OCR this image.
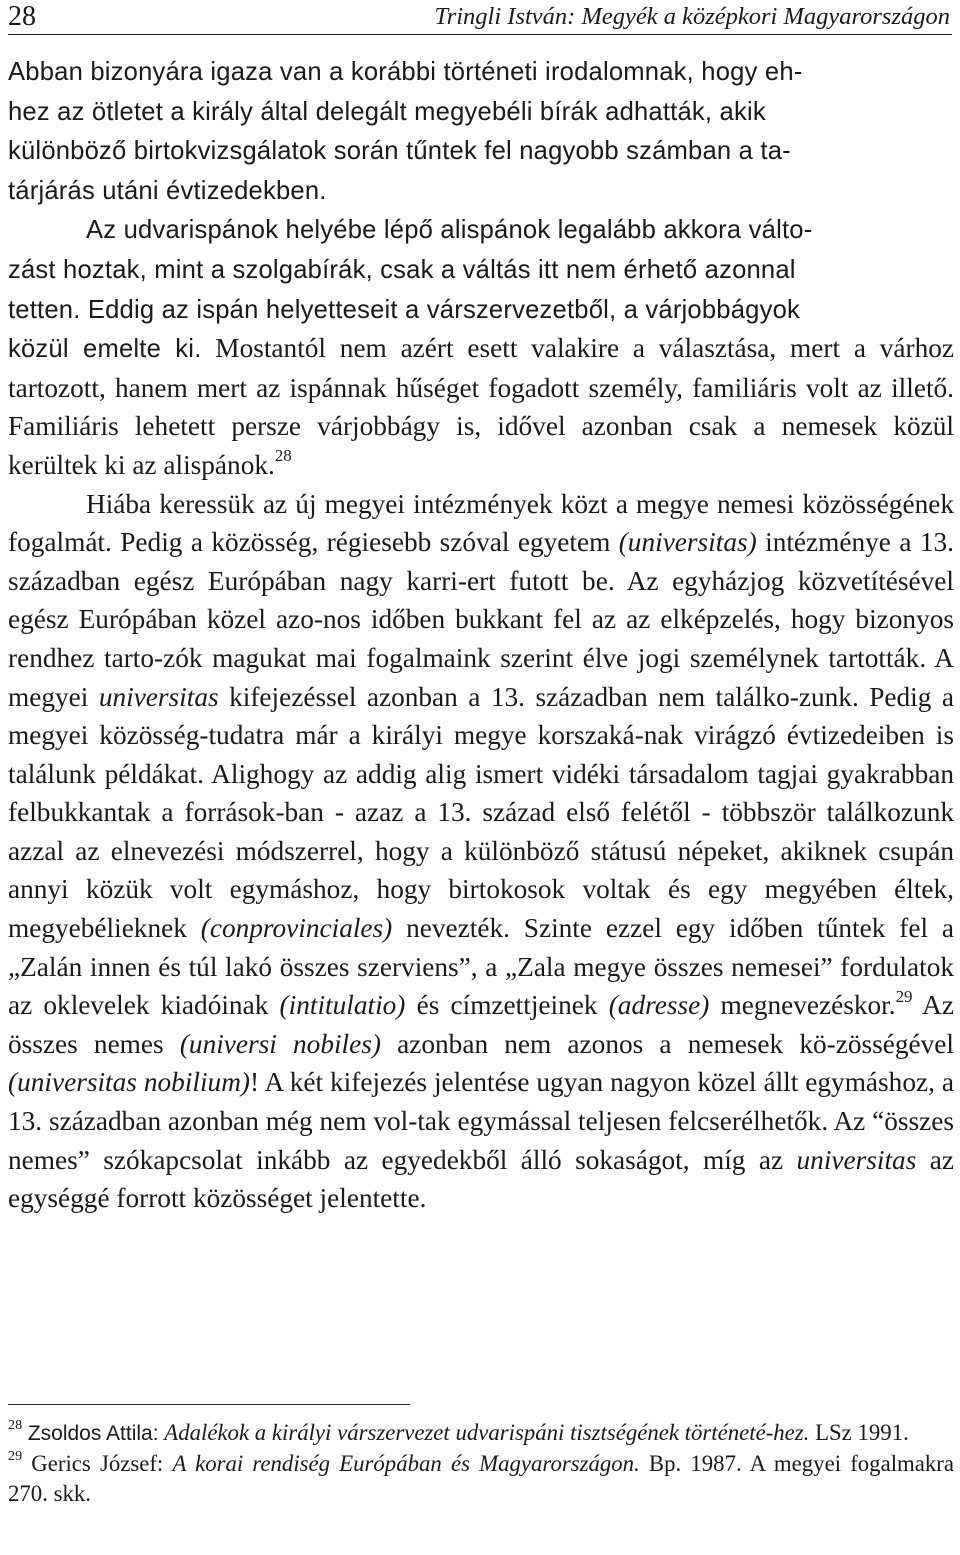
28	Tringli István: Megyék a középkori Magyarországon

Abban bizonyára igaza van a korábbi történeti irodalomnak, hogy eh-
hez az ötletet a király által delegált megyebéli bírák adhatták, akik
különböző birtokvizsgálatok során tűntek fel nagyobb számban a ta-
tárjárás utáni évtizedekben.

Az udvarispánok helyébe lépő alispánok legalább akkora válto-
zást hoztak, mint a szolgabírák, csak a váltás itt nem érhető azonnal
tetten. Eddig az ispán helyetteseit a várszervezetből, a várjobbágyok
közül emelte ki. Mostantól nem azért esett valakire a választása, mert a várhoz tartozott, hanem mert az ispánnak hűséget fogadott személy, familiáris volt az illető. Familiáris lehetett persze várjobbágy is, idővel azonban csak a nemesek közül kerültek ki az alispánok.$^{28}$

Hiába keressük az új megyei intézmények közt a megye nemesi közösségének fogalmát. Pedig a közösség, régiesebb szóval egyetem (universitas) intézménye a 13. században egész Európában nagy karri-ert futott be. Az egyházjog közvetítésével egész Európában közel azo-nos időben bukkant fel az az elképzelés, hogy bizonyos rendhez tarto-zók magukat mai fogalmaink szerint élve jogi személynek tartották. A megyei universitas kifejezéssel azonban a 13. században nem találko-zunk. Pedig a megyei közösség-tudatra már a királyi megye korszaká-nak virágzó évtizedeiben is találunk példákat. Alighogy az addig alig ismert vidéki társadalom tagjai gyakrabban felbukkantak a források-ban - azaz a 13. század első felétől - többször találkozunk azzal az elnevezési módszerrel, hogy a különböző státusú népeket, akiknek csupán annyi közük volt egymáshoz, hogy birtokosok voltak és egy megyében éltek, megyebélieknek (conprovinciales) nevezték. Szinte ezzel egy időben tűntek fel a „Zalán innen és túl lakó összes szerviens”, a „Zala megye összes nemesei” fordulatok az oklevelek kiadóinak (intitulatio) és címzettjeinek (adresse) megnevezéskor.$^{29}$ Az összes nemes (universi nobiles) azonban nem azonos a nemesek kö-zösségével (universitas nobilium)! A két kifejezés jelentése ugyan nagyon közel állt egymáshoz, a 13. században azonban még nem vol-tak egymással teljesen felcserélhetők. Az “összes nemes” szókapcsolat inkább az egyedekből álló sokaságot, míg az universitas az egységgé forrott közösséget jelentette.

$^{28}$ Zsoldos Attila: Adalékok a királyi várszervezet udvarispáni tisztségének történeté-hez. LSz 1991.

$^{29}$ Gerics József: A korai rendiség Európában és Magyarországon. Bp. 1987. A megyei fogalmakra 270. skk.
